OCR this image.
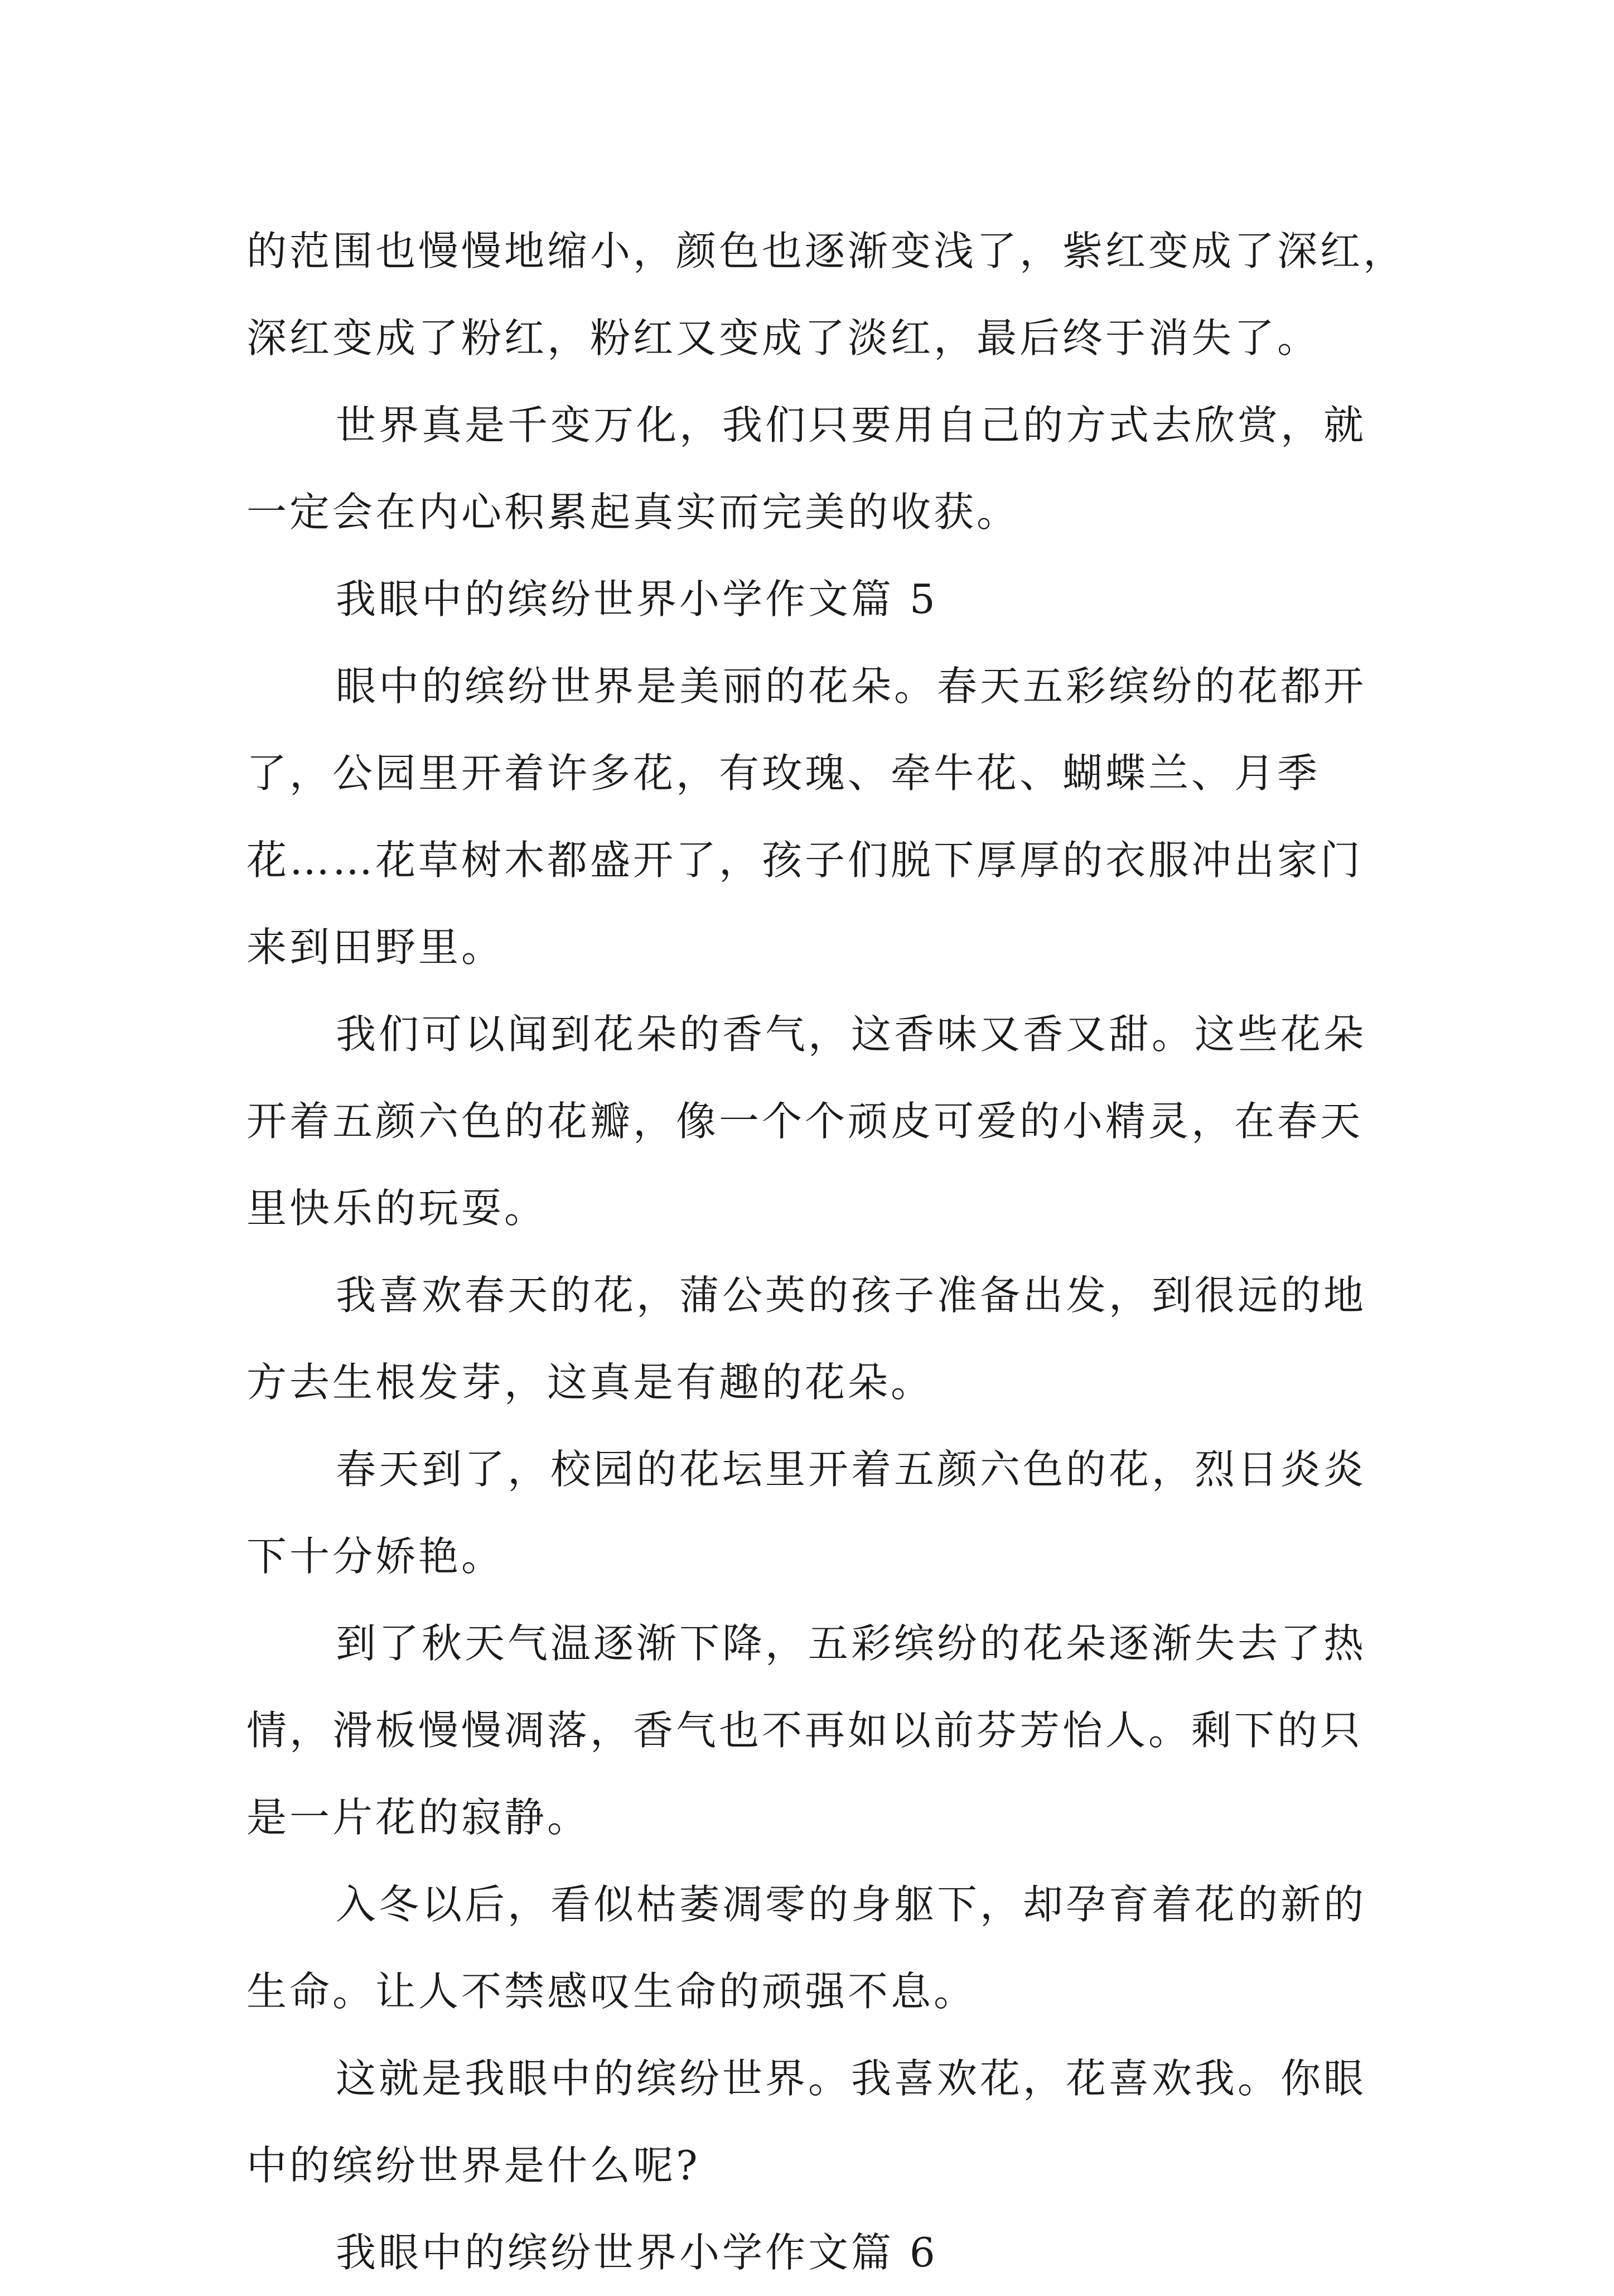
的范围也慢慢地缩小，颜色也逐渐变浅了，紫红变成了深红，
深红变成了粉红，粉红又变成了淡红，最后终于消失了。

世界真是千变万化，我们只要用自己的方式去欣赏，就

一定会在内心积累起真实而完美的收获。

我眼中的缤纷世界小学作文篇 5

眼中的缤纷世界是美丽的花朵。春天五彩缤纷的花都开

了，公园里开着许多花，有玫瑰、牵牛花、蝴蝶兰、月季
花……花草树木都盛开了，孩子们脱下厚厚的衣服冲出家门
来到田野里。

我们可以闻到花朵的香气，这香味又香又甜。这些花朵

开着五颜六色的花瓣，像一个个顽皮可爱的小精灵，在春天
里快乐的玩耍。

我喜欢春天的花，蒲公英的孩子准备出发，到很远的地

方去生根发芽，这真是有趣的花朵。

春天到了，校园的花坛里开着五颜六色的花，烈日炎炎

下十分娇艳。

到了秋天气温逐渐下降，五彩缤纷的花朵逐渐失去了热

情，滑板慢慢凋落，香气也不再如以前芬芳怡人。剩下的只
是一片花的寂静。

入冬以后，看似枯萎凋零的身躯下，却孕育着花的新的

生命。让人不禁感叹生命的顽强不息。

这就是我眼中的缤纷世界。我喜欢花，花喜欢我。你眼

中的缤纷世界是什么呢?

我眼中的缤纷世界小学作文篇 6
